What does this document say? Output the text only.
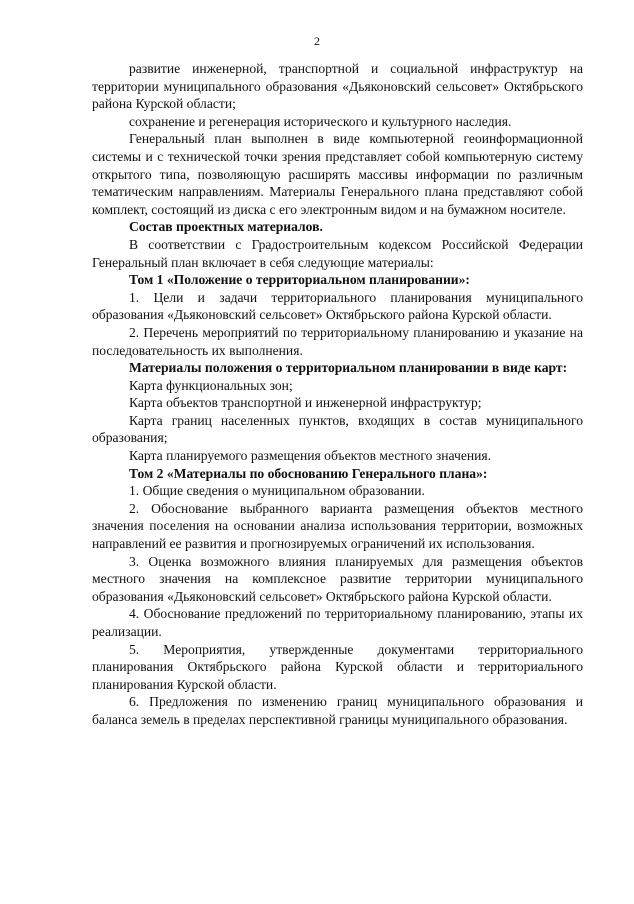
2

развитие инженерной, транспортной и социальной инфраструктур на территории муниципального образования «Дьяконовский сельсовет» Октябрьского района Курской области;

сохранение и регенерация исторического и культурного наследия.

Генеральный план выполнен в виде компьютерной геоинформационной системы и с технической точки зрения представляет собой компьютерную систему открытого типа, позволяющую расширять массивы информации по различным тематическим направлениям. Материалы Генерального плана представляют собой комплект, состоящий из диска с его электронным видом и на бумажном носителе.

Состав проектных материалов.

В соответствии с Градостроительным кодексом Российской Федерации Генеральный план включает в себя следующие материалы:

Том 1 «Положение о территориальном планировании»:

1. Цели и задачи территориального планирования муниципального образования «Дьяконовский сельсовет» Октябрьского района Курской области.

2. Перечень мероприятий по территориальному планированию и указание на последовательность их выполнения.

Материалы положения о территориальном планировании в виде карт:

Карта функциональных зон;

Карта объектов транспортной и инженерной инфраструктур;

Карта границ населенных пунктов, входящих в состав муниципального образования;

Карта планируемого размещения объектов местного значения.

Том 2 «Материалы по обоснованию Генерального плана»:

1. Общие сведения о муниципальном образовании.

2. Обоснование выбранного варианта размещения объектов местного значения поселения на основании анализа использования территории, возможных направлений ее развития и прогнозируемых ограничений их использования.

3. Оценка возможного влияния планируемых для размещения объектов местного значения на комплексное развитие территории муниципального образования «Дьяконовский сельсовет» Октябрьского района Курской области.

4. Обоснование предложений по территориальному планированию, этапы их реализации.

5. Мероприятия, утвержденные документами территориального планирования Октябрьского района Курской области и территориального планирования Курской области.

6. Предложения по изменению границ муниципального образования и баланса земель в пределах перспективной границы муниципального образования.
